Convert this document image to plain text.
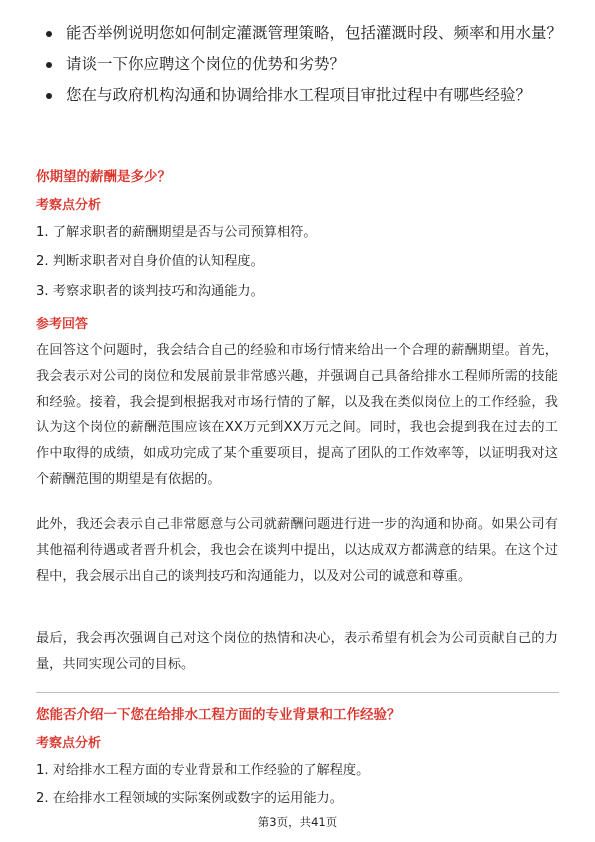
能否举例说明您如何制定灌溉管理策略，包括灌溉时段、频率和用水量？
请谈一下你应聘这个岗位的优势和劣势？
您在与政府机构沟通和协调给排水工程项目审批过程中有哪些经验？
你期望的薪酬是多少？
考察点分析
1. 了解求职者的薪酬期望是否与公司预算相符。
2. 判断求职者对自身价值的认知程度。
3. 考察求职者的谈判技巧和沟通能力。
参考回答

在回答这个问题时，我会结合自己的经验和市场行情来给出一个合理的薪酬期望。首先，我会表示对公司的岗位和发展前景非常感兴趣，并强调自己具备给排水工程师所需的技能和经验。接着，我会提到根据我对市场行情的了解，以及我在类似岗位上的工作经验，我认为这个岗位的薪酬范围应该在XX万元到XX万元之间。同时，我也会提到我在过去的工作中取得的成绩，如成功完成了某个重要项目，提高了团队的工作效率等，以证明我对这个薪酬范围的期望是有依据的。

此外，我还会表示自己非常愿意与公司就薪酬问题进行进一步的沟通和协商。如果公司有其他福利待遇或者晋升机会，我也会在谈判中提出，以达成双方都满意的结果。在这个过程中，我会展示出自己的谈判技巧和沟通能力，以及对公司的诚意和尊重。

最后，我会再次强调自己对这个岗位的热情和决心，表示希望有机会为公司贡献自己的力量，共同实现公司的目标。

您能否介绍一下您在给排水工程方面的专业背景和工作经验？
考察点分析
1. 对给排水工程方面的专业背景和工作经验的了解程度。
2. 在给排水工程领域的实际案例或数字的运用能力。
第3页，共41页
